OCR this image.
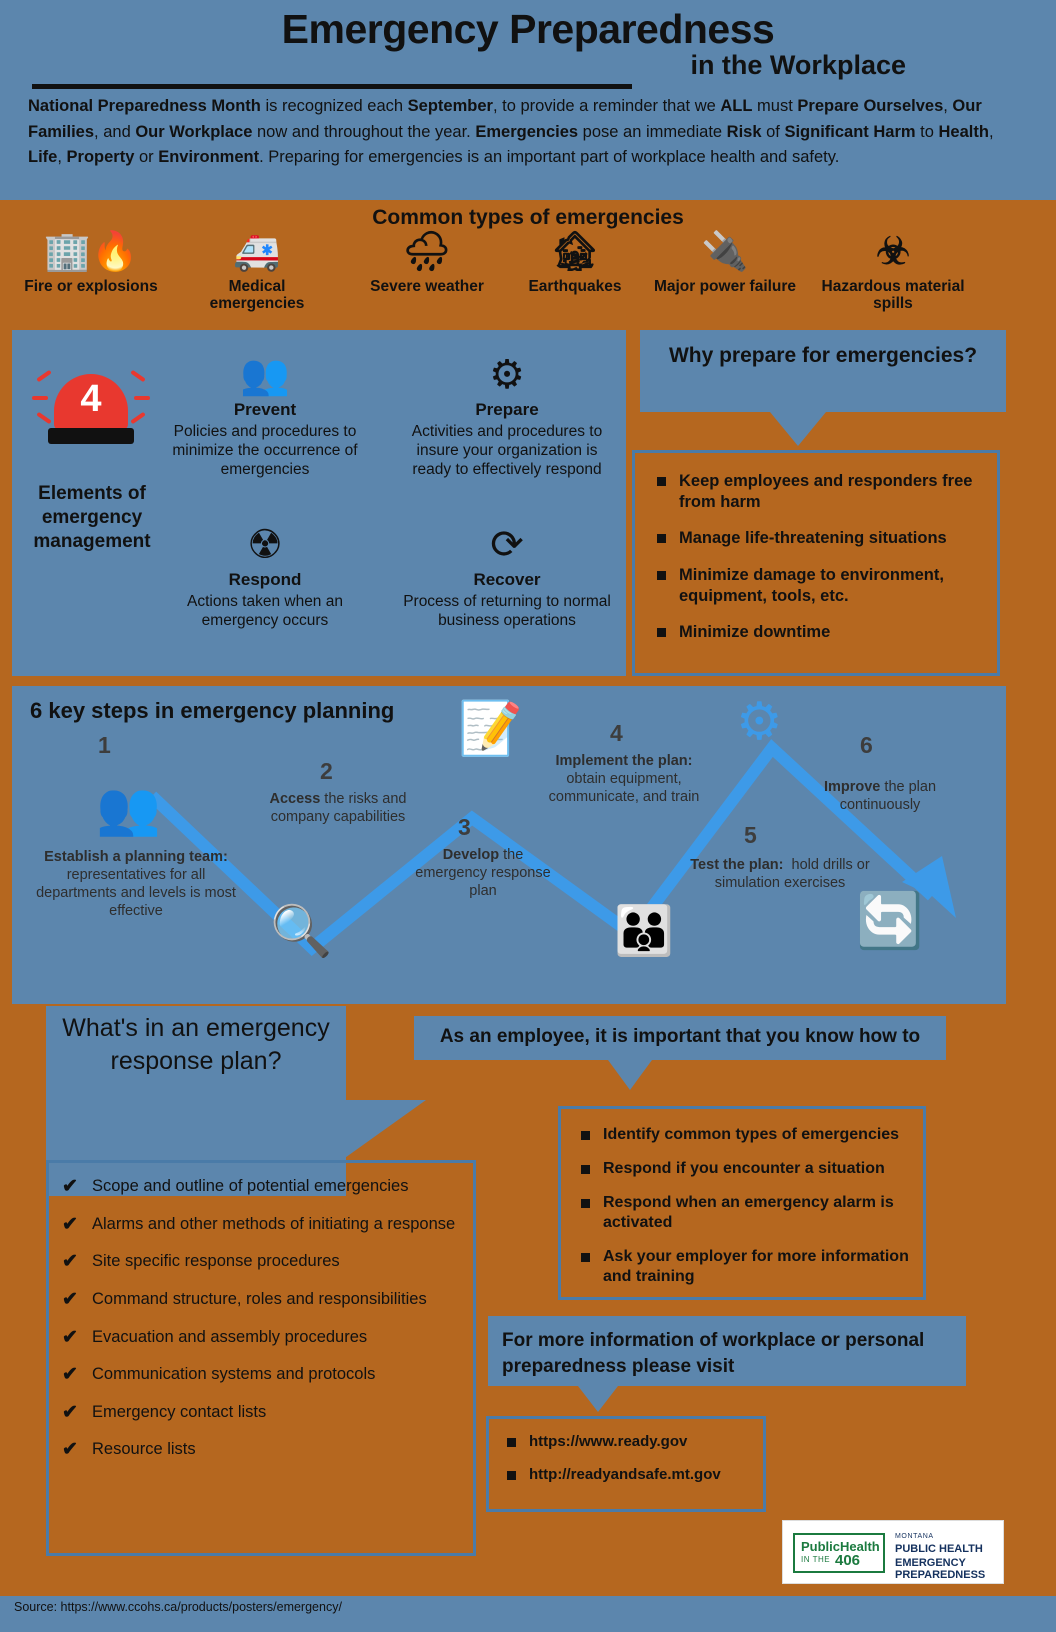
Emergency Preparedness
in the Workplace
National Preparedness Month is recognized each September, to provide a reminder that we ALL must Prepare Ourselves, Our Families, and Our Workplace now and throughout the year. Emergencies pose an immediate Risk of Significant Harm to Health, Life, Property or Environment. Preparing for emergencies is an important part of workplace health and safety.
Common types of emergencies
🏢🔥
Fire or explosions
🚑
Medical emergencies
🌧
Severe weather
🏚
Earthquakes
🔌
Major power failure
☣
Hazardous material spills
4
Elements of emergency management
👥
Prevent
Policies and procedures to minimize the occurrence of emergencies
⚙
Prepare
Activities and procedures to insure your organization is ready to effectively respond
☢
Respond
Actions taken when an emergency occurs
⟳
Recover
Process of returning to normal business operations
Why prepare for emergencies?
Keep employees and responders free from harm
Manage life-threatening situations
Minimize damage to environment, equipment, tools, etc.
Minimize downtime
6 key steps in emergency planning
1
👥
Establish a planning team: representatives for all departments and levels is most effective
2
Access the risks and company capabilities
🔍
📝
3
Develop the emergency response plan
4
Implement the plan: obtain equipment, communicate, and train
⚙
👪
5
Test the plan:  hold drills or simulation exercises
6
Improve the plan continuously
🔄
What's in an emergency response plan?
✔ Scope and outline of potential emergencies
✔ Alarms and other methods of initiating a response
✔ Site specific response procedures
✔ Command structure, roles and responsibilities
✔ Evacuation and assembly procedures
✔ Communication systems and protocols
✔ Emergency contact lists
✔ Resource lists
As an employee, it is important that you know how to
Identify common types of emergencies
Respond if you encounter a situation
Respond when an emergency alarm is activated
Ask your employer for more information and training
For more information of workplace or personal preparedness please visit
https://www.ready.gov
http://readyandsafe.mt.gov
PublicHealth
IN THE 406
MONTANA
PUBLIC HEALTH
EMERGENCY PREPAREDNESS
Source: https://www.ccohs.ca/products/posters/emergency/
